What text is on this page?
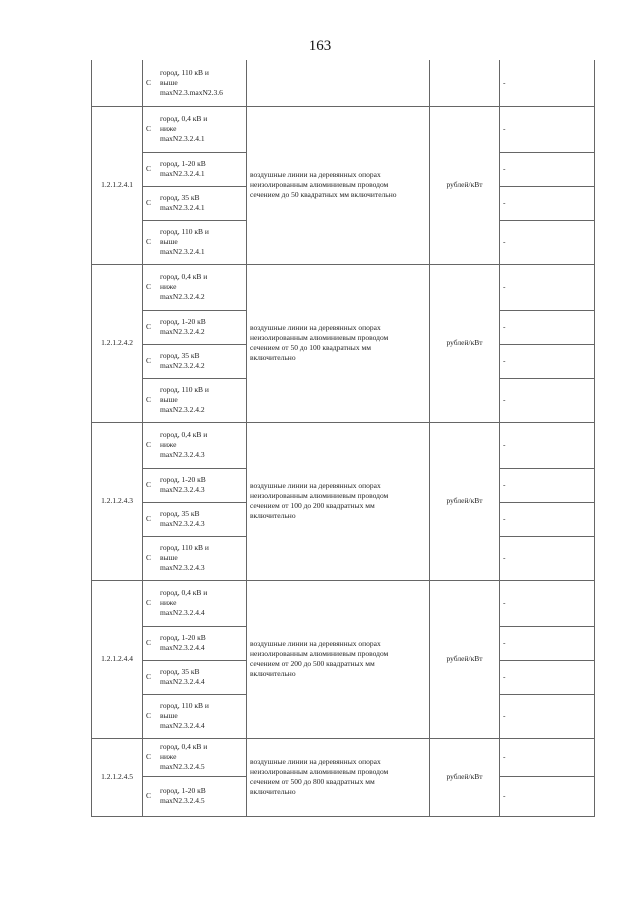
163
	С
город, 110 кВ и
выше
maxN2.3.maxN2.3.6			-
1.2.1.2.4.1	С
город, 0,4 кВ и
ниже
maxN2.3.2.4.1	воздушные линии на деревянных опорах
неизолированным алюминиевым проводом
сечением до 50 квадратных мм включительно	рублей/кВт	-
	С
город, 1-20 кВ
maxN2.3.2.4.1			-
	С
город, 35 кВ
maxN2.3.2.4.1			-
	С
город, 110 кВ и
выше
maxN2.3.2.4.1			-
1.2.1.2.4.2	С
город, 0,4 кВ и
ниже
maxN2.3.2.4.2	воздушные линии на деревянных опорах
неизолированным алюминиевым проводом
сечением от 50 до 100 квадратных мм
включительно	рублей/кВт	-
	С
город, 1-20 кВ
maxN2.3.2.4.2			-
	С
город, 35 кВ
maxN2.3.2.4.2			-
	С
город, 110 кВ и
выше
maxN2.3.2.4.2			-
1.2.1.2.4.3	С
город, 0,4 кВ и
ниже
maxN2.3.2.4.3	воздушные линии на деревянных опорах
неизолированным алюминиевым проводом
сечением от 100 до 200 квадратных мм
включительно	рублей/кВт	-
	С
город, 1-20 кВ
maxN2.3.2.4.3			-
	С
город, 35 кВ
maxN2.3.2.4.3			-
	С
город, 110 кВ и
выше
maxN2.3.2.4.3			-
1.2.1.2.4.4	С
город, 0,4 кВ и
ниже
maxN2.3.2.4.4	воздушные линии на деревянных опорах
неизолированным алюминиевым проводом
сечением от 200 до 500 квадратных мм
включительно	рублей/кВт	-
	С
город, 1-20 кВ
maxN2.3.2.4.4			-
	С
город, 35 кВ
maxN2.3.2.4.4			-
	С
город, 110 кВ и
выше
maxN2.3.2.4.4			-
1.2.1.2.4.5	С
город, 0,4 кВ и
ниже
maxN2.3.2.4.5	воздушные линии на деревянных опорах
неизолированным алюминиевым проводом
сечением от 500 до 800 квадратных мм
включительно	рублей/кВт	-
	С
город, 1-20 кВ
maxN2.3.2.4.5			-
